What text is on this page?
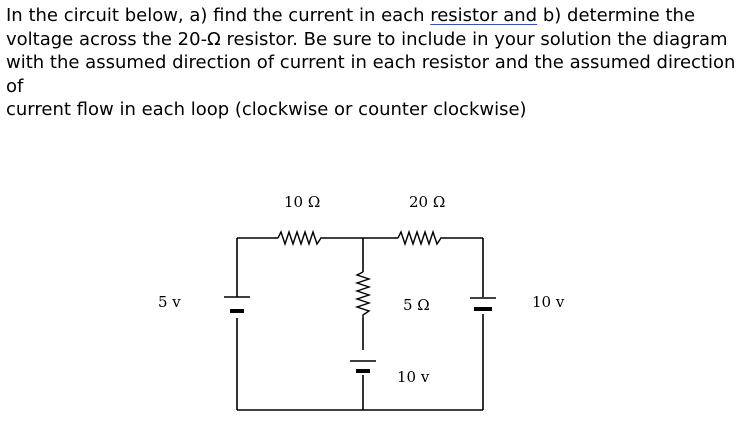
In the circuit below, a) find the current in each resistor and b) determine the
voltage across the 20-Ω resistor. Be sure to include in your solution the diagram
with the assumed direction of current in each resistor and the assumed direction of
current flow in each loop (clockwise or counter clockwise)
10 Ω	20 Ω
5 Ω
5 v	10 v
10 v
